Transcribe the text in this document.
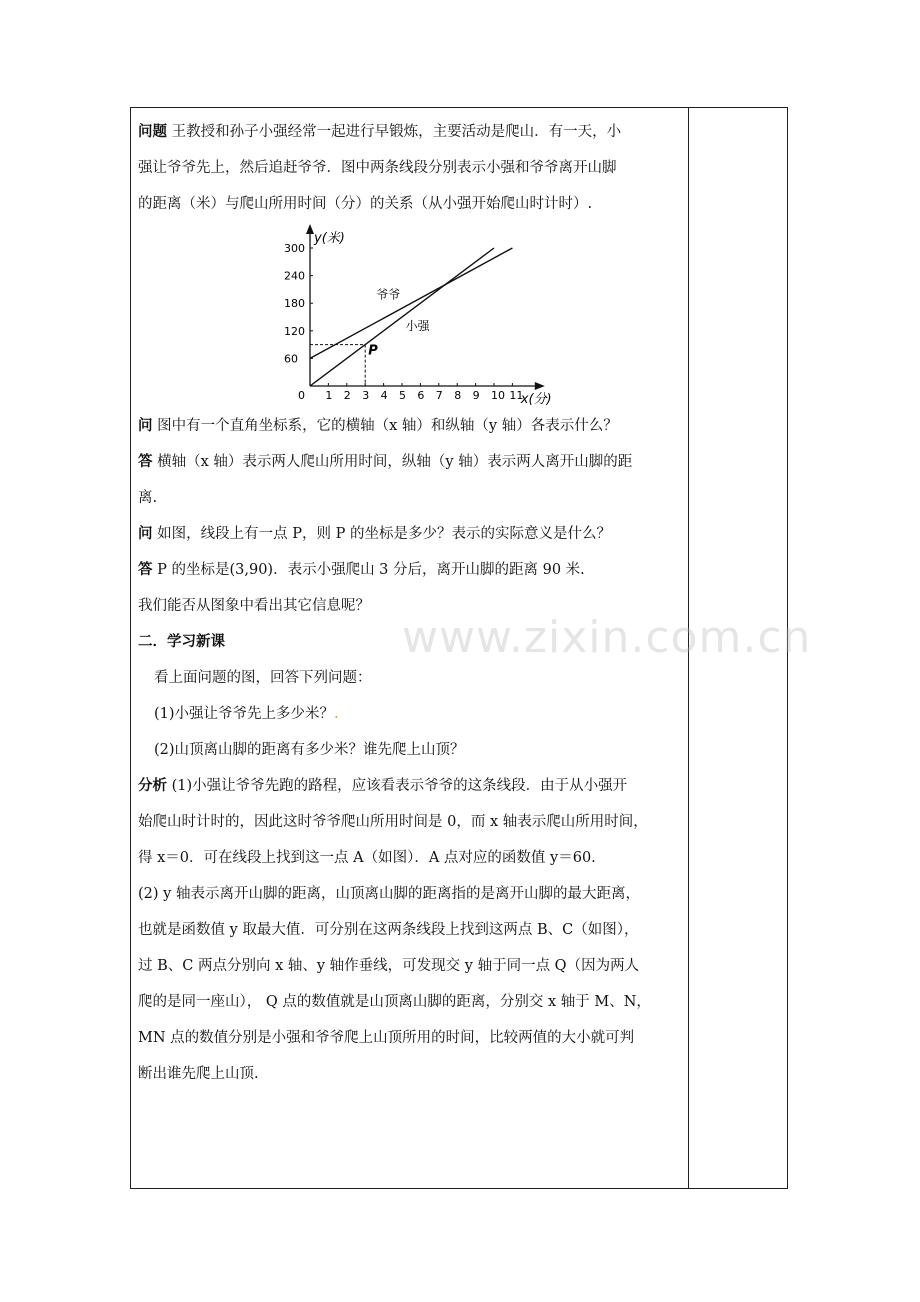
问题 王教授和孙子小强经常一起进行早锻炼，主要活动是爬山．有一天，小
强让爷爷先上，然后追赶爷爷．图中两条线段分别表示小强和爷爷离开山脚
的距离（米）与爬山所用时间（分）的关系（从小强开始爬山时计时）.

y(米)
x(分)
0 1 2 3 4 5 6 7 8 9 10 11
60
120
180
240
300
爷爷
小强
P

问 图中有一个直角坐标系，它的横轴（x 轴）和纵轴（y 轴）各表示什么？

答 横轴（x 轴）表示两人爬山所用时间，纵轴（y 轴）表示两人离开山脚的距
离.

问 如图，线段上有一点 P，则 P 的坐标是多少？表示的实际意义是什么？

答 P 的坐标是(3,90)．表示小强爬山 3 分后，离开山脚的距离 90 米.

我们能否从图象中看出其它信息呢？

二．学习新课

看上面问题的图，回答下列问题：

(1)小强让爷爷先上多少米？.

(2)山顶离山脚的距离有多少米？谁先爬上山顶？

分析 (1)小强让爷爷先跑的路程，应该看表示爷爷的这条线段．由于从小强开
始爬山时计时的，因此这时爷爷爬山所用时间是 0，而 x 轴表示爬山所用时间，
得 x＝0．可在线段上找到这一点 A（如图）．A 点对应的函数值 y＝60.
(2) y 轴表示离开山脚的距离，山顶离山脚的距离指的是离开山脚的最大距离，
也就是函数值 y 取最大值．可分别在这两条线段上找到这两点 B、C（如图），
过 B、C 两点分别向 x 轴、y 轴作垂线，可发现交 y 轴于同一点 Q（因为两人
爬的是同一座山）， Q 点的数值就是山顶离山脚的距离，分别交 x 轴于 M、N，
MN 点的数值分别是小强和爷爷爬上山顶所用的时间，比较两值的大小就可判
断出谁先爬上山顶.

www.zixin.com.cn
